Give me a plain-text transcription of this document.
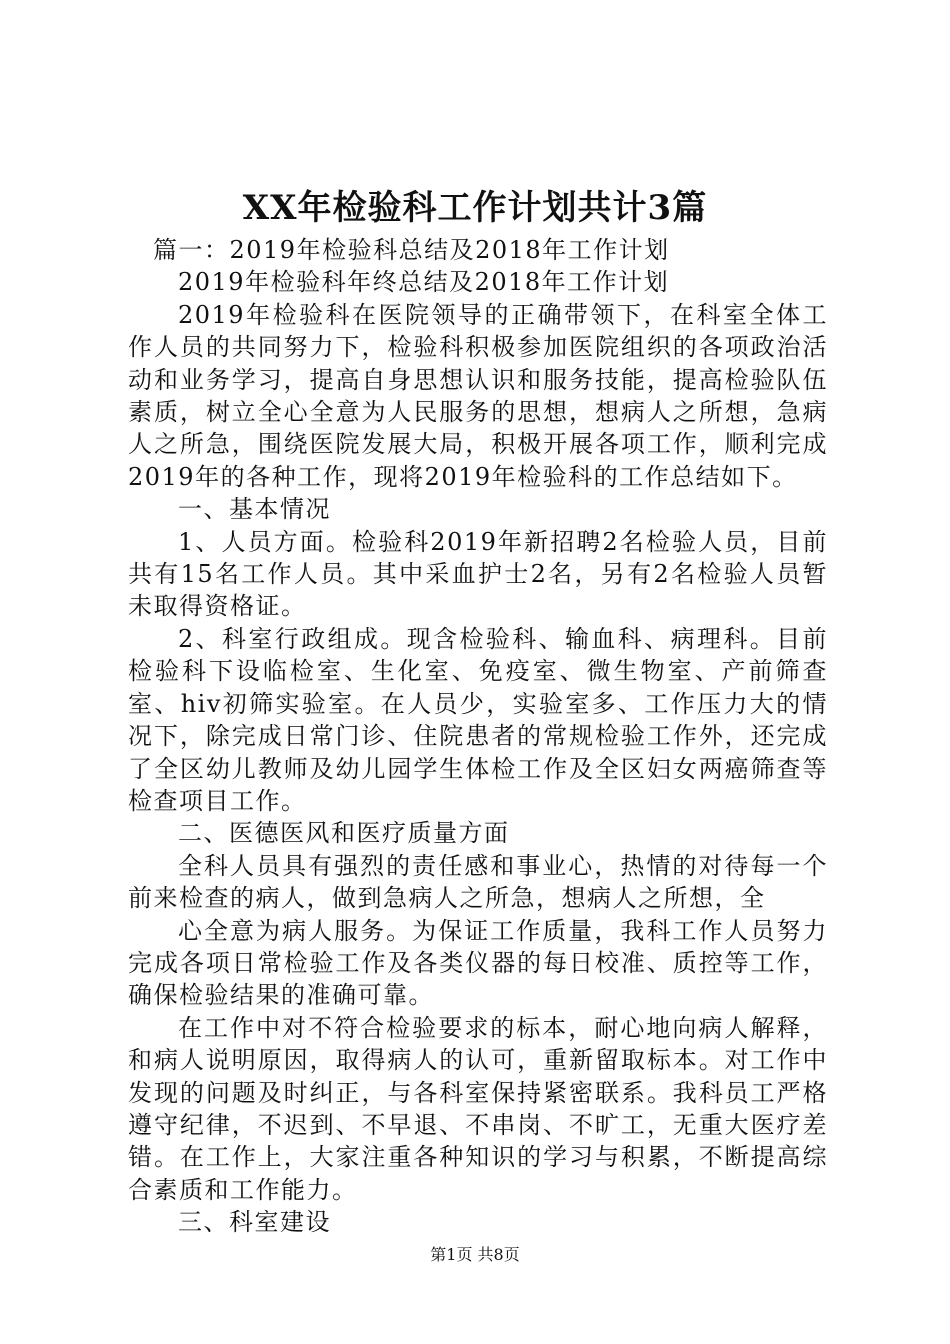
XX年检验科工作计划共计3篇

篇一：2019年检验科总结及2018年工作计划

2019年检验科年终总结及2018年工作计划

2019年检验科在医院领导的正确带领下，在科室全体工作人员的共同努力下，检验科积极参加医院组织的各项政治活动和业务学习，提高自身思想认识和服务技能，提高检验队伍素质，树立全心全意为人民服务的思想，想病人之所想，急病人之所急，围绕医院发展大局，积极开展各项工作，顺利完成2019年的各种工作，现将2019年检验科的工作总结如下。

一、基本情况

1、人员方面。检验科2019年新招聘2名检验人员，目前共有15名工作人员。其中采血护士2名，另有2名检验人员暂未取得资格证。

2、科室行政组成。现含检验科、输血科、病理科。目前检验科下设临检室、生化室、免疫室、微生物室、产前筛查室、hiv初筛实验室。在人员少，实验室多、工作压力大的情况下，除完成日常门诊、住院患者的常规检验工作外，还完成了全区幼儿教师及幼儿园学生体检工作及全区妇女两癌筛查等检查项目工作。

二、医德医风和医疗质量方面

全科人员具有强烈的责任感和事业心，热情的对待每一个前来检查的病人，做到急病人之所急，想病人之所想，全

心全意为病人服务。为保证工作质量，我科工作人员努力完成各项日常检验工作及各类仪器的每日校准、质控等工作，确保检验结果的准确可靠。

在工作中对不符合检验要求的标本，耐心地向病人解释，和病人说明原因，取得病人的认可，重新留取标本。对工作中发现的问题及时纠正，与各科室保持紧密联系。我科员工严格遵守纪律，不迟到、不早退、不串岗、不旷工，无重大医疗差错。在工作上，大家注重各种知识的学习与积累，不断提高综合素质和工作能力。

三、科室建设

第1页 共8页
